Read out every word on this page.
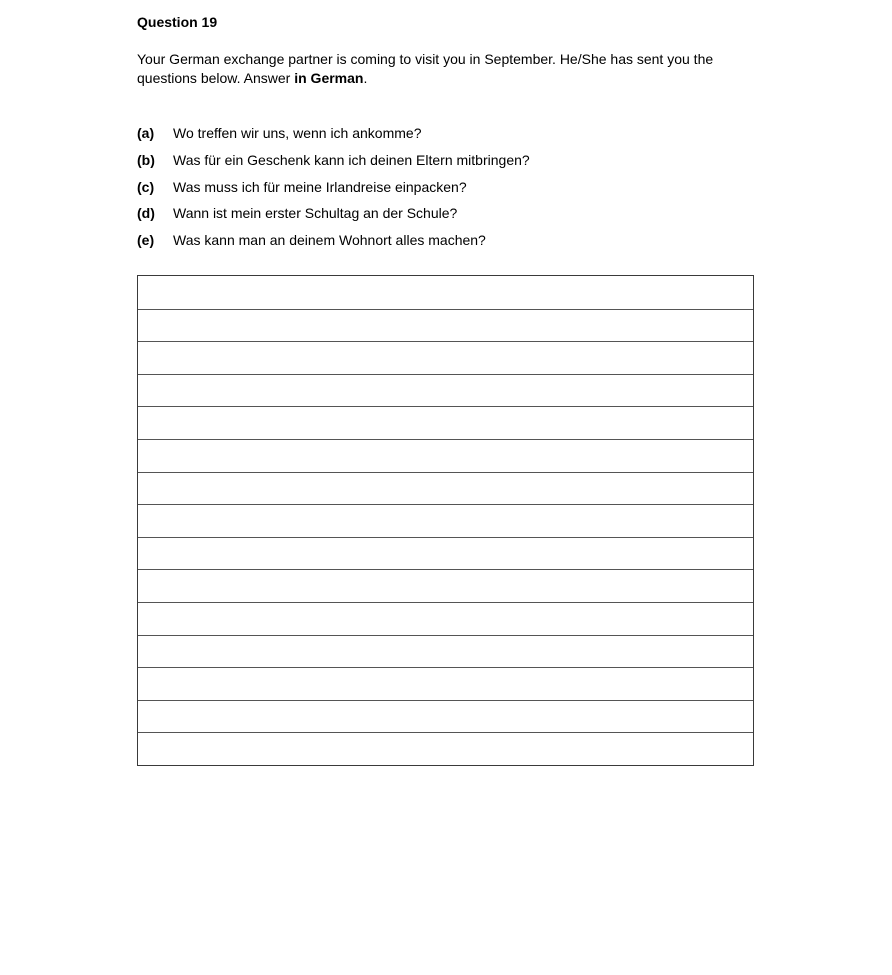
Question 19
Your German exchange partner is coming to visit you in September. He/She has sent you the questions below. Answer in German.
(a)	Wo treffen wir uns, wenn ich ankomme?
(b)	Was für ein Geschenk kann ich deinen Eltern mitbringen?
(c)	Was muss ich für meine Irlandreise einpacken?
(d)	Wann ist mein erster Schultag an der Schule?
(e)	Was kann man an deinem Wohnort alles machen?
